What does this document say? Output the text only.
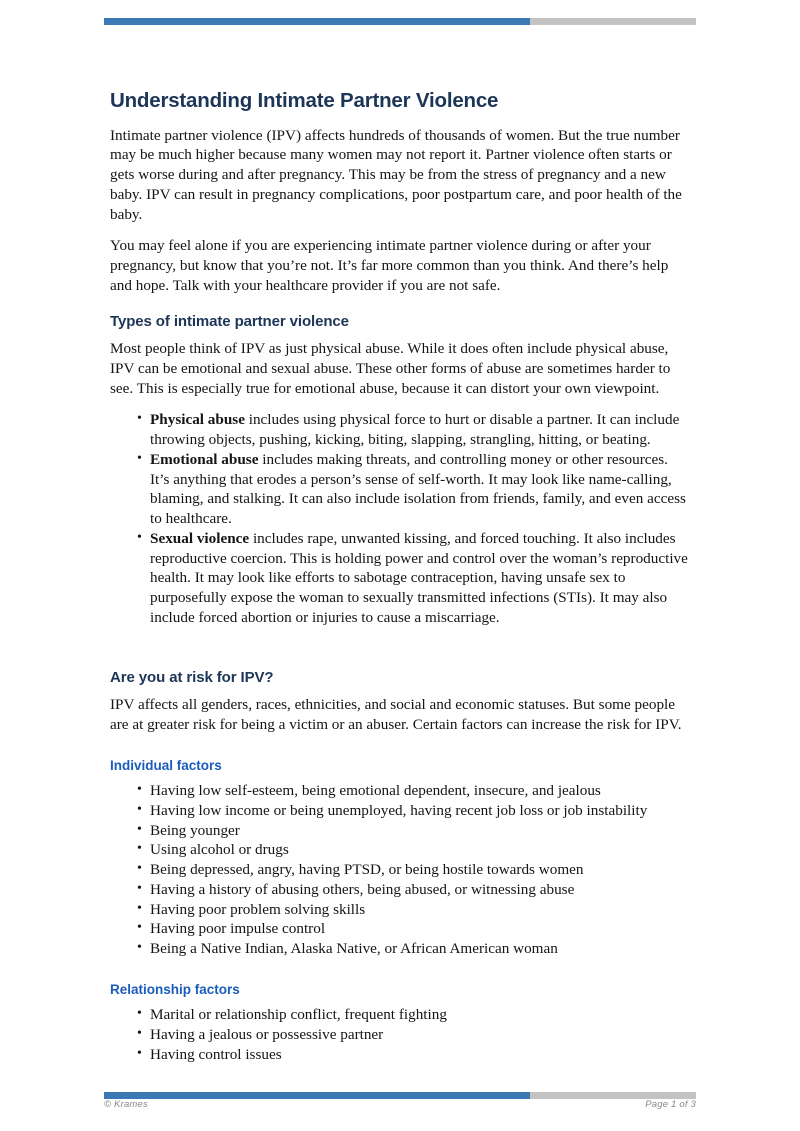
Understanding Intimate Partner Violence

Intimate partner violence (IPV) affects hundreds of thousands of women. But the true number may be much higher because many women may not report it. Partner violence often starts or gets worse during and after pregnancy. This may be from the stress of pregnancy and a new baby. IPV can result in pregnancy complications, poor postpartum care, and poor health of the baby.

You may feel alone if you are experiencing intimate partner violence during or after your pregnancy, but know that you’re not. It’s far more common than you think. And there’s help and hope. Talk with your healthcare provider if you are not safe.

Types of intimate partner violence

Most people think of IPV as just physical abuse. While it does often include physical abuse, IPV can be emotional and sexual abuse. These other forms of abuse are sometimes harder to see. This is especially true for emotional abuse, because it can distort your own viewpoint.

• Physical abuse includes using physical force to hurt or disable a partner. It can include throwing objects, pushing, kicking, biting, slapping, strangling, hitting, or beating.
• Emotional abuse includes making threats, and controlling money or other resources. It’s anything that erodes a person’s sense of self-worth. It may look like name-calling, blaming, and stalking. It can also include isolation from friends, family, and even access to healthcare.
• Sexual violence includes rape, unwanted kissing, and forced touching. It also includes reproductive coercion. This is holding power and control over the woman’s reproductive health. It may look like efforts to sabotage contraception, having unsafe sex to purposefully expose the woman to sexually transmitted infections (STIs). It may also include forced abortion or injuries to cause a miscarriage.
Are you at risk for IPV?

IPV affects all genders, races, ethnicities, and social and economic statuses. But some people are at greater risk for being a victim or an abuser. Certain factors can increase the risk for IPV.

Individual factors
• Having low self-esteem, being emotional dependent, insecure, and jealous
• Having low income or being unemployed, having recent job loss or job instability
• Being younger
• Using alcohol or drugs
• Being depressed, angry, having PTSD, or being hostile towards women
• Having a history of abusing others, being abused, or witnessing abuse
• Having poor problem solving skills
• Having poor impulse control
• Being a Native Indian, Alaska Native, or African American woman
Relationship factors
• Marital or relationship conflict, frequent fighting
• Having a jealous or possessive partner
• Having control issues
© Krames	Page 1 of 3
